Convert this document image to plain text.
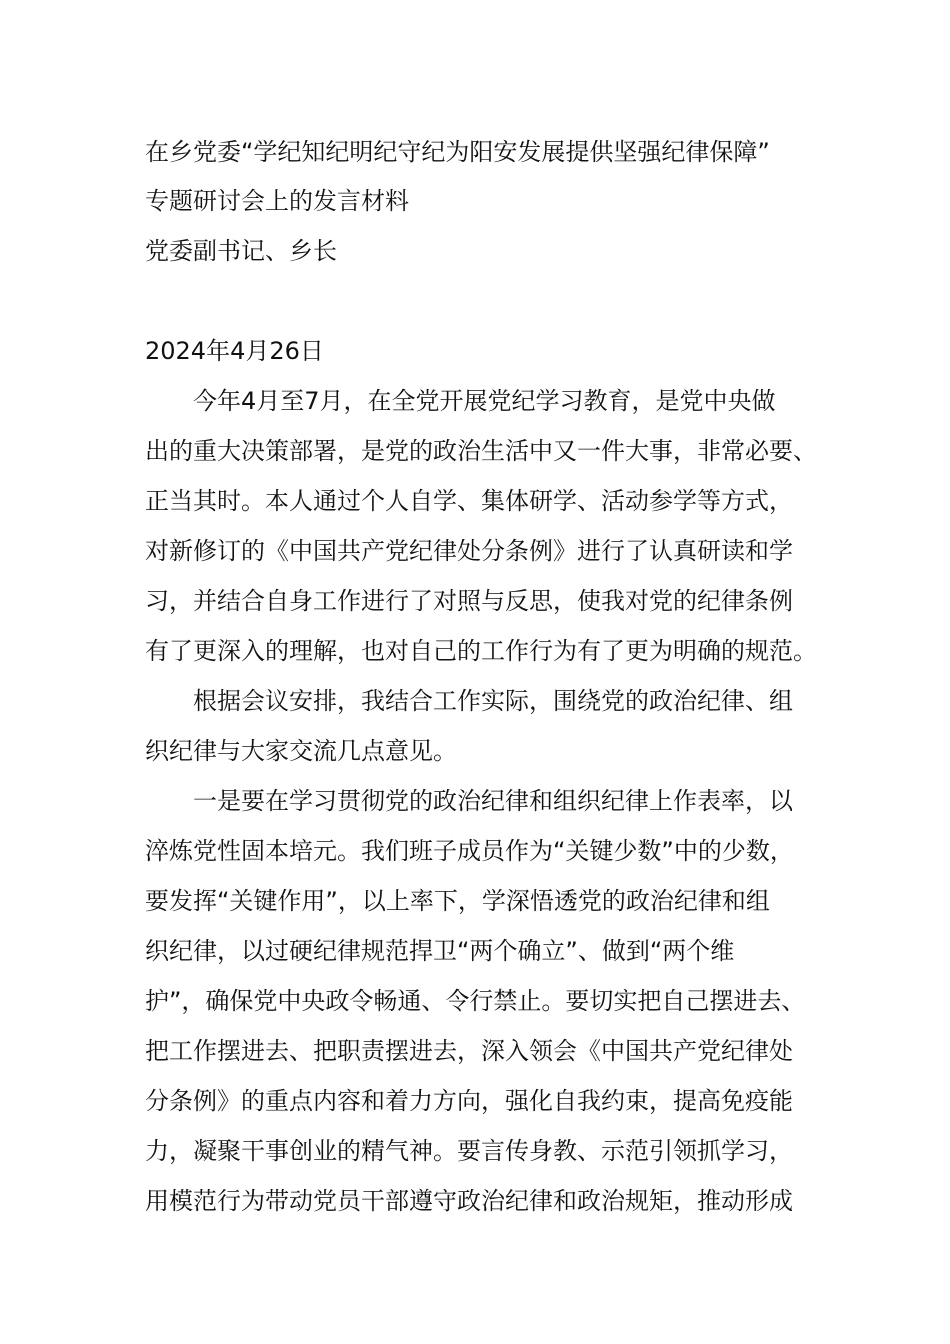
在乡党委“学纪知纪明纪守纪为阳安发展提供坚强纪律保障”
专题研讨会上的发言材料
党委副书记、乡长
2024年4月26日
今年4月至7月，在全党开展党纪学习教育，是党中央做
出的重大决策部署，是党的政治生活中又一件大事，非常必要、
正当其时。本人通过个人自学、集体研学、活动参学等方式，
对新修订的《中国共产党纪律处分条例》进行了认真研读和学
习，并结合自身工作进行了对照与反思，使我对党的纪律条例
有了更深入的理解，也对自己的工作行为有了更为明确的规范。
根据会议安排，我结合工作实际，围绕党的政治纪律、组
织纪律与大家交流几点意见。
一是要在学习贯彻党的政治纪律和组织纪律上作表率，以
淬炼党性固本培元。我们班子成员作为“关键少数”中的少数，
要发挥“关键作用”，以上率下，学深悟透党的政治纪律和组
织纪律，以过硬纪律规范捍卫“两个确立”、做到“两个维
护”，确保党中央政令畅通、令行禁止。要切实把自己摆进去、
把工作摆进去、把职责摆进去，深入领会《中国共产党纪律处
分条例》的重点内容和着力方向，强化自我约束，提高免疫能
力，凝聚干事创业的精气神。要言传身教、示范引领抓学习，
用模范行为带动党员干部遵守政治纪律和政治规矩，推动形成
